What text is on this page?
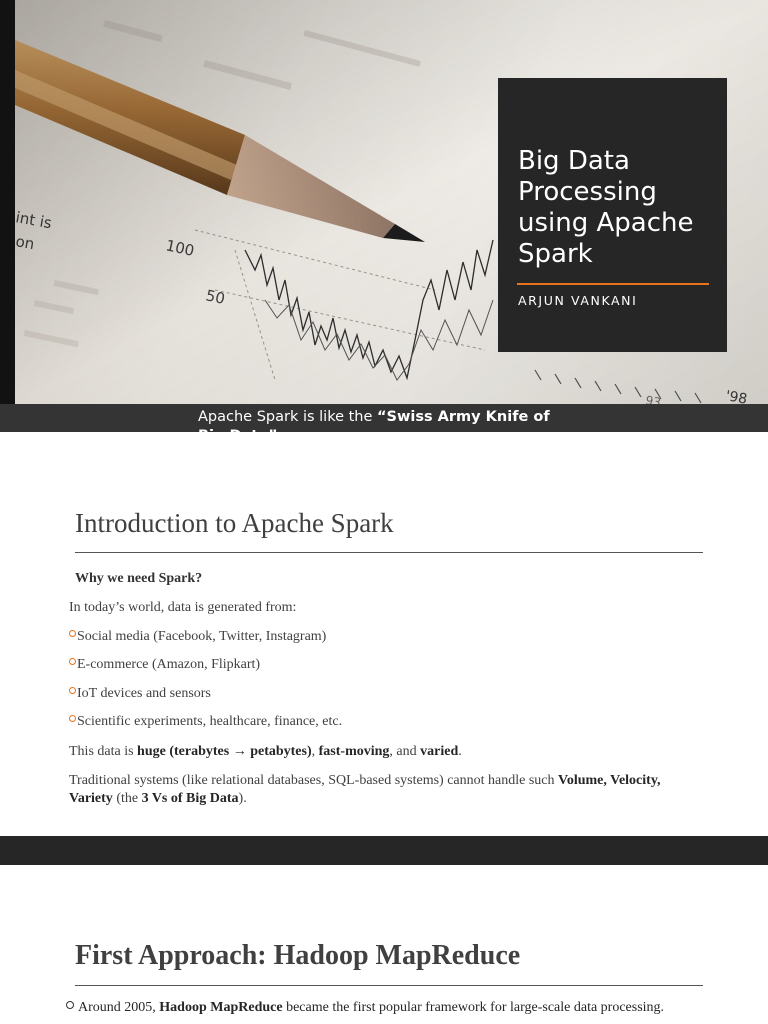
Big Data Processing using Apache Spark
ARJUN VANKANI
Apache Spark is like the “Swiss Army Knife of
Introduction to Apache Spark
Why we need Spark?
In today’s world, data is generated from:
Social media (Facebook, Twitter, Instagram)
E-commerce (Amazon, Flipkart)
IoT devices and sensors
Scientific experiments, healthcare, finance, etc.
This data is huge (terabytes → petabytes), fast-moving, and varied.
Traditional systems (like relational databases, SQL-based systems) cannot handle such Volume, Velocity, Variety (the 3 Vs of Big Data).
First Approach: Hadoop MapReduce
Around 2005, Hadoop MapReduce became the first popular framework for large-scale data processing.
